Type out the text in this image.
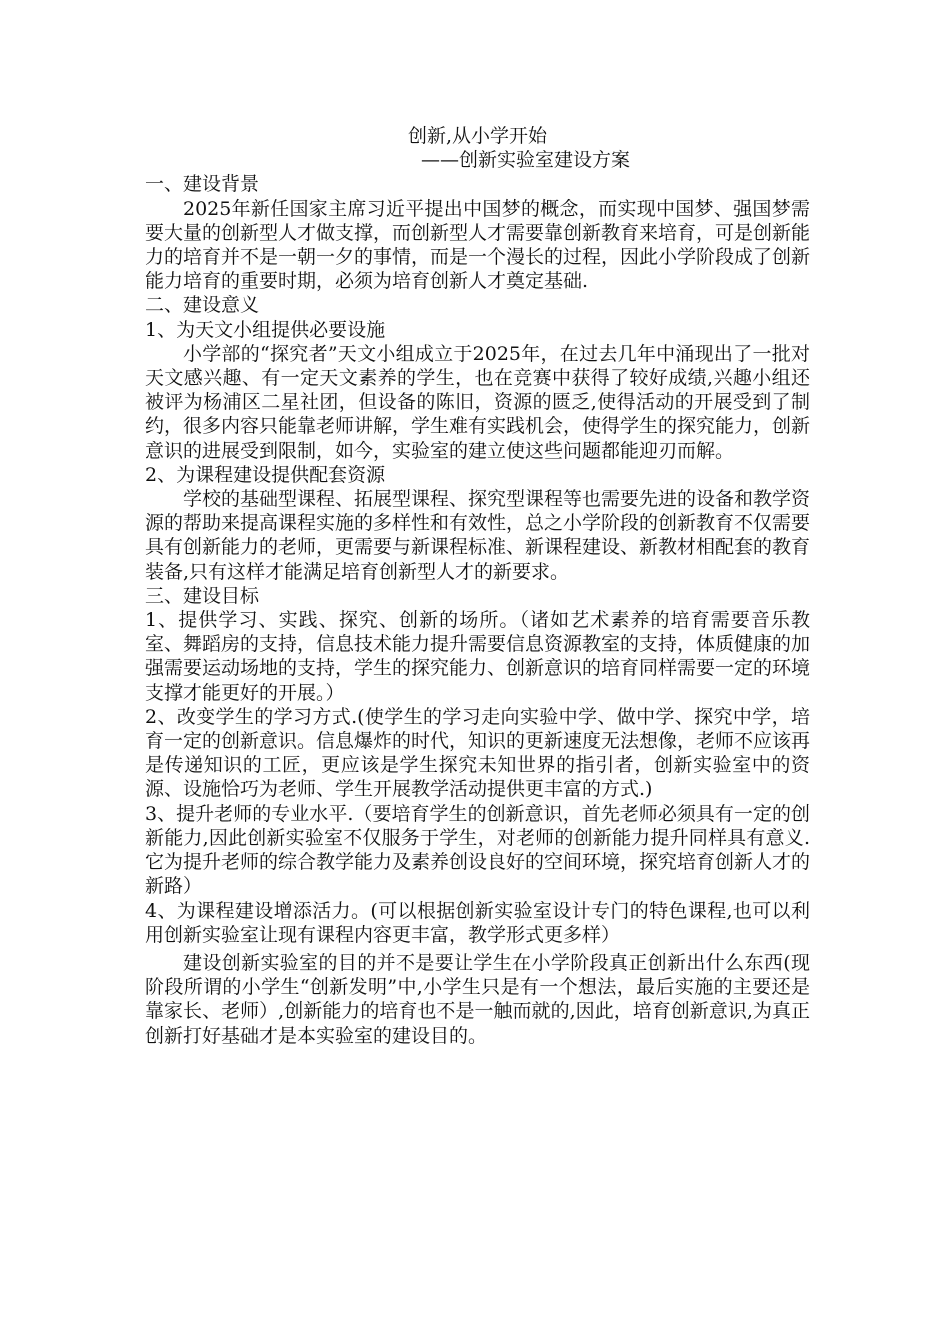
创新,从小学开始

——创新实验室建设方案

一、建设背景

2025年新任国家主席习近平提出中国梦的概念，而实现中国梦、强国梦需要大量的创新型人才做支撑，而创新型人才需要靠创新教育来培育，可是创新能力的培育并不是一朝一夕的事情，而是一个漫长的过程，因此小学阶段成了创新能力培育的重要时期，必须为培育创新人才奠定基础.

二、建设意义

1、为天文小组提供必要设施

小学部的“探究者”天文小组成立于2025年，在过去几年中涌现出了一批对天文感兴趣、有一定天文素养的学生，也在竞赛中获得了较好成绩,兴趣小组还被评为杨浦区二星社团，但设备的陈旧，资源的匮乏,使得活动的开展受到了制约，很多内容只能靠老师讲解，学生难有实践机会，使得学生的探究能力，创新意识的进展受到限制，如今，实验室的建立使这些问题都能迎刃而解。

2、为课程建设提供配套资源

学校的基础型课程、拓展型课程、探究型课程等也需要先进的设备和教学资源的帮助来提高课程实施的多样性和有效性，总之小学阶段的创新教育不仅需要具有创新能力的老师，更需要与新课程标准、新课程建设、新教材相配套的教育装备,只有这样才能满足培育创新型人才的新要求。

三、建设目标

1、提供学习、实践、探究、创新的场所。（诸如艺术素养的培育需要音乐教室、舞蹈房的支持，信息技术能力提升需要信息资源教室的支持，体质健康的加强需要运动场地的支持，学生的探究能力、创新意识的培育同样需要一定的环境支撑才能更好的开展。）

2、改变学生的学习方式.(使学生的学习走向实验中学、做中学、探究中学，培育一定的创新意识。信息爆炸的时代，知识的更新速度无法想像，老师不应该再是传递知识的工匠，更应该是学生探究未知世界的指引者，创新实验室中的资源、设施恰巧为老师、学生开展教学活动提供更丰富的方式.)

3、提升老师的专业水平.（要培育学生的创新意识，首先老师必须具有一定的创新能力,因此创新实验室不仅服务于学生，对老师的创新能力提升同样具有意义.它为提升老师的综合教学能力及素养创设良好的空间环境，探究培育创新人才的新路）

4、为课程建设增添活力。(可以根据创新实验室设计专门的特色课程,也可以利用创新实验室让现有课程内容更丰富，教学形式更多样）

建设创新实验室的目的并不是要让学生在小学阶段真正创新出什么东西(现阶段所谓的小学生“创新发明”中,小学生只是有一个想法，最后实施的主要还是靠家长、老师）,创新能力的培育也不是一触而就的,因此，培育创新意识,为真正创新打好基础才是本实验室的建设目的。
